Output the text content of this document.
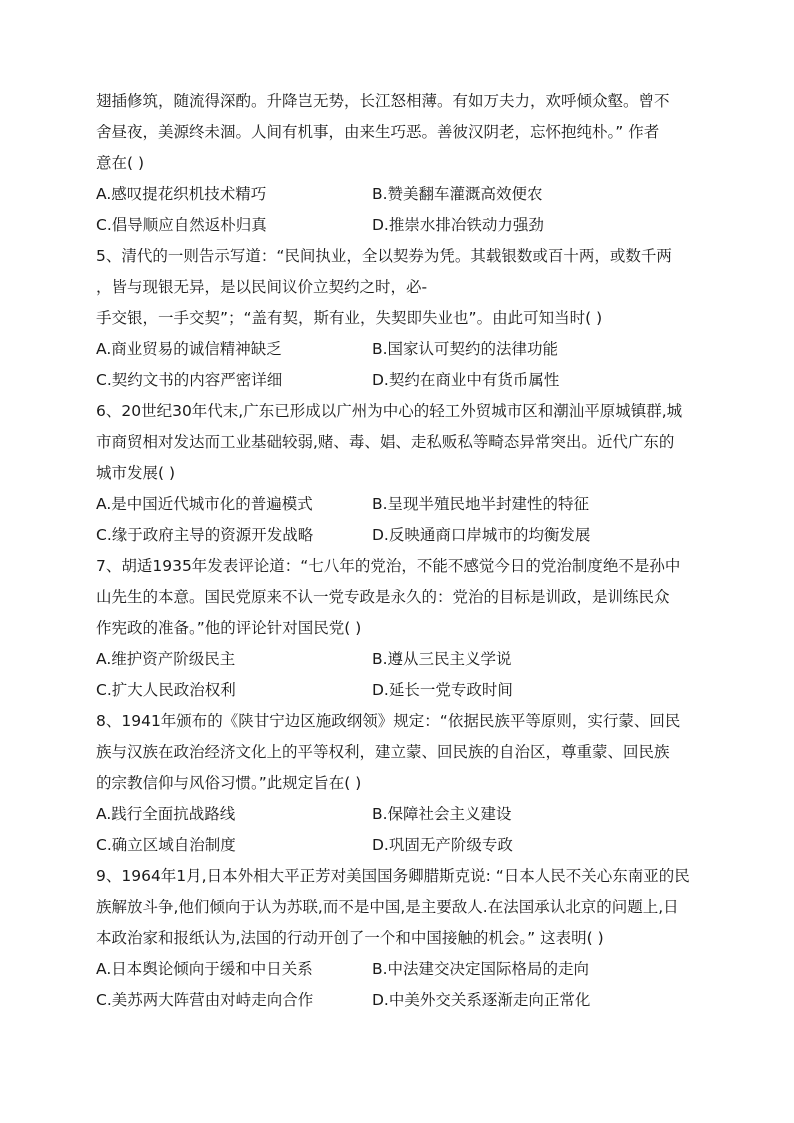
翅插修筑，随流得深酌。升降岂无势，长江怒相薄。有如万夫力，欢呼倾众壑。曾不
舍昼夜，美源终未涸。人间有机事，由来生巧恶。善彼汉阴老，忘怀抱纯朴。” 作者
意在( )
A.感叹提花织机技术精巧	B.赞美翻车灌溉高效便农
C.倡导顺应自然返朴归真	D.推崇水排冶铁动力强劲
5、清代的一则告示写道：“民间执业，全以契券为凭。其载银数或百十两，或数千两
，皆与现银无异，是以民间议价立契约之时，必-
手交银，一手交契”；“盖有契，斯有业，失契即失业也”。由此可知当时( )
A.商业贸易的诚信精神缺乏	B.国家认可契约的法律功能
C.契约文书的内容严密详细	D.契约在商业中有货币属性
6、20世纪30年代末,广东已形成以广州为中心的轻工外贸城市区和潮汕平原城镇群,城
市商贸相对发达而工业基础较弱,赌、毒、娼、走私贩私等畸态异常突出。近代广东的
城市发展( )
A.是中国近代城市化的普遍模式	B.呈现半殖民地半封建性的特征
C.缘于政府主导的资源开发战略	D.反映通商口岸城市的均衡发展
7、胡适1935年发表评论道：“七八年的党治，不能不感觉今日的党治制度绝不是孙中
山先生的本意。国民党原来不认一党专政是永久的：党治的目标是训政，是训练民众
作宪政的准备。”他的评论针对国民党( )
A.维护资产阶级民主	B.遵从三民主义学说
C.扩大人民政治权利	D.延长一党专政时间
8、1941年颁布的《陕甘宁边区施政纲领》规定：“依据民族平等原则，实行蒙、回民
族与汉族在政治经济文化上的平等权利，建立蒙、回民族的自治区，尊重蒙、回民族
的宗教信仰与风俗习惯。”此规定旨在( )
A.践行全面抗战路线	B.保障社会主义建设
C.确立区域自治制度	D.巩固无产阶级专政
9、1964年1月,日本外相大平正芳对美国国务卿腊斯克说: “日本人民不关心东南亚的民
族解放斗争,他们倾向于认为苏联,而不是中国,是主要敌人.在法国承认北京的问题上,日
本政治家和报纸认为,法国的行动开创了一个和中国接触的机会。” 这表明( )
A.日本舆论倾向于缓和中日关系	B.中法建交决定国际格局的走向
C.美苏两大阵营由对峙走向合作	D.中美外交关系逐渐走向正常化
